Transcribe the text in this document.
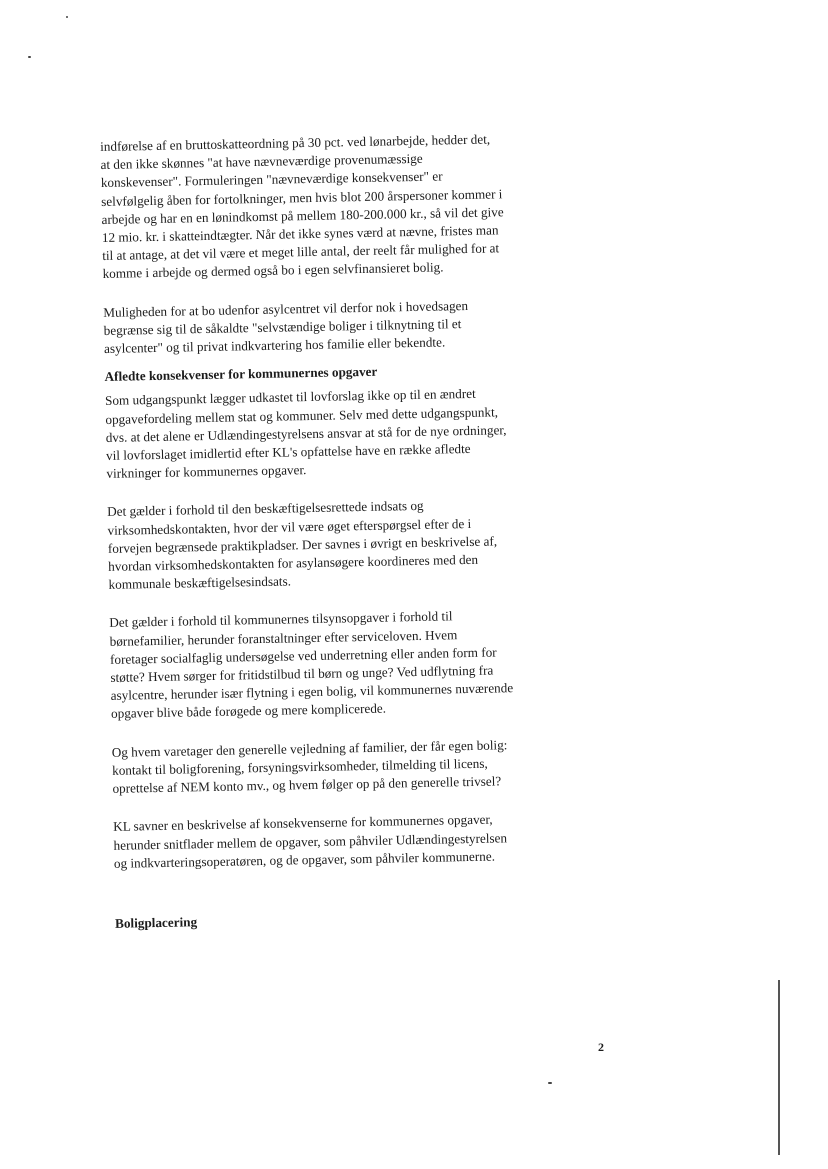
indførelse af en bruttoskatteordning på 30 pct. ved lønarbejde, hedder det,
at den ikke skønnes "at have nævneværdige provenumæssige
konskevenser". Formuleringen "nævneværdige konsekvenser" er
selvfølgelig åben for fortolkninger, men hvis blot 200 årspersoner kommer i
arbejde og har en en lønindkomst på mellem 180-200.000 kr., så vil det give
12 mio. kr. i skatteindtægter. Når det ikke synes værd at nævne, fristes man
til at antage, at det vil være et meget lille antal, der reelt får mulighed for at
komme i arbejde og dermed også bo i egen selvfinansieret bolig.

Muligheden for at bo udenfor asylcentret vil derfor nok i hovedsagen
begrænse sig til de såkaldte "selvstændige boliger i tilknytning til et
asylcenter" og til privat indkvartering hos familie eller bekendte.

Afledte konsekvenser for kommunernes opgaver

Som udgangspunkt lægger udkastet til lovforslag ikke op til en ændret
opgavefordeling mellem stat og kommuner. Selv med dette udgangspunkt,
dvs. at det alene er Udlændingestyrelsens ansvar at stå for de nye ordninger,
vil lovforslaget imidlertid efter KL's opfattelse have en række afledte
virkninger for kommunernes opgaver.

Det gælder i forhold til den beskæftigelsesrettede indsats og
virksomhedskontakten, hvor der vil være øget efterspørgsel efter de i
forvejen begrænsede praktikpladser. Der savnes i øvrigt en beskrivelse af,
hvordan virksomhedskontakten for asylansøgere koordineres med den
kommunale beskæftigelsesindsats.

Det gælder i forhold til kommunernes tilsynsopgaver i forhold til
børnefamilier, herunder foranstaltninger efter serviceloven. Hvem
foretager socialfaglig undersøgelse ved underretning eller anden form for
støtte? Hvem sørger for fritidstilbud til børn og unge? Ved udflytning fra
asylcentre, herunder især flytning i egen bolig, vil kommunernes nuværende
opgaver blive både forøgede og mere komplicerede.

Og hvem varetager den generelle vejledning af familier, der får egen bolig:
kontakt til boligforening, forsyningsvirksomheder, tilmelding til licens,
oprettelse af NEM konto mv., og hvem følger op på den generelle trivsel?

KL savner en beskrivelse af konsekvenserne for kommunernes opgaver,
herunder snitflader mellem de opgaver, som påhviler Udlændingestyrelsen
og indkvarteringsoperatøren, og de opgaver, som påhviler kommunerne.

Boligplacering

2
